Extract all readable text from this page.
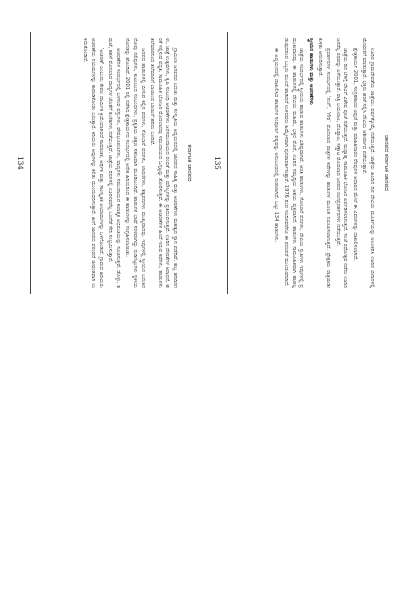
ಕರ್ನಾಟಕ ಜಾನಪದ

ಗ್ರಾಮೀಣ ಜನಪದರ ಬದುಕು ಮತ್ತು ಸಂಸ್ಕೃತಿಯ ಅಧ್ಯಯನದಲ್ಲಿ ಜಾನಪದ ಸಾಹಿತ್ಯ ಮತ್ತು ಆಚರಣೆಗಳು ಮಹತ್ವದ ಸ್ಥಾನ ಪಡೆದಿವೆ. ಹಬ್ಬ ಹರಿದಿನಗಳು, ಜಾತ್ರೆ ಉತ್ಸವಗಳು, ಕೃಷಿ ಸಂಬಂಧಿ ಆಚರಣೆಗಳು ಜನಸಮುದಾಯದ ನಂಬಿಕೆ ಮತ್ತು ಮೌಲ್ಯಗಳನ್ನು ಪ್ರತಿಬಿಂಬಿಸುತ್ತವೆ. ಊರಿನ ದೇವತೆಗಳ ಆರಾಧನೆ, ಹರಕೆ ಸಲ್ಲಿಸುವ ಪದ್ಧತಿ, ಸಾಮೂಹಿಕ ಭೋಜನ ಮೊದಲಾದವು ಸಮುದಾಯದ ಒಗ್ಗಟ್ಟನ್ನು ತೋರಿಸುತ್ತವೆ. ಈ ಆಚರಣೆಗಳ ಹಿಂದೆ ಇರುವ ಕಥೆಗಳು, ಹಾಡುಗಳು ತಲೆಮಾರಿನಿಂದ ತಲೆಮಾರಿಗೆ ಬಾಯಿಂದ ಬಾಯಿಗೆ ಹರಿದು ಬಂದಿವೆ.

ಜನಪದ ಹಾಡುಗಳಲ್ಲಿ ಬೀಸುವ ಕಲ್ಲಿನ ಪದಗಳು, ಸೋಬಾನೆ ಪದಗಳು, ಲಾವಣಿಗಳು, ತತ್ವಪದಗಳು ಮುಖ್ಯವಾದವು. ಇವುಗಳಲ್ಲಿ ಸ್ತ್ರೀಯರ ಬದುಕಿನ ನೋವು ನಲಿವುಗಳು, ಕುಟುಂಬದ ಸಂಬಂಧಗಳು, ಪ್ರಕೃತಿಯ ಚಿತ್ರಣ ಸಹಜವಾಗಿ ಮೂಡಿಬಂದಿವೆ. ಹಾಡುಗಳ ಭಾಷೆ ಸರಳವಾಗಿದ್ದು ನುಡಿಗಟ್ಟುಗಳು ಸ್ಥಳೀಯ ಸೊಗಡನ್ನು ಹೊಂದಿವೆ. 2001 ರಲ್ಲಿ ನಡೆಸಿದ ಕ್ಷೇತ್ರಕಾರ್ಯದ ಸಂದರ್ಭದಲ್ಲಿ ಅನೇಕ ಹಿರಿಯರಿಂದ ಈ ಹಾಡುಗಳನ್ನು ಸಂಗ್ರಹಿಸಲಾಯಿತು.

ಆಚರಣೆಗಳ ಸಂದರ್ಭದಲ್ಲಿ ಬಳಸುವ ವಸ್ತುಗಳು, ವೇಷಭೂಷಣಗಳು, ವಾದ್ಯಗಳು ಸಮುದಾಯದ ಕಲಾತ್ಮಕ ಅಭಿರುಚಿಯನ್ನು ಸೂಚಿಸುತ್ತವೆ. ಡೊಳ್ಳು, ತಮಟೆ, ಕಹಳೆ ಮೊದಲಾದ ವಾದ್ಯಗಳ ಜೊತೆಗೆ ಕುಣಿತಗಳು ನಡೆಯುತ್ತವೆ. ಜಾತ್ರೆಯ ದಿನಗಳಲ್ಲಿ ಊರಿನವರೆಲ್ಲ ಒಂದೆಡೆ ಸೇರಿ ಸಂಭ್ರಮಿಸುತ್ತಾರೆ.

'ಆಚರಣೆ' ಎಂಬುದು ಕೇವಲ ಧಾರ್ಮಿಕ ಕ್ರಿಯೆಯಾಗಿರದೆ ಸಾಮಾಜಿಕ, ಆರ್ಥಿಕ ಮತ್ತು ಸಾಂಸ್ಕೃತಿಕ ಆಯಾಮಗಳನ್ನು ಒಳಗೊಂಡಿದೆ. ಗ್ರಾಮದ ಹಿರಿಯರು ಆಚರಣೆಯ ನಿಯಮಗಳನ್ನು ಕಾಪಾಡಿಕೊಂಡು ಬರುತ್ತಾರೆ. ಕಿರಿಯರು ಅವುಗಳನ್ನು ಕಲಿತು ಮುಂದುವರಿಸುತ್ತಾರೆ. ಹೀಗೆ ಜಾನಪದ ಪರಂಪರೆ ಜೀವಂತವಾಗಿ ಉಳಿದುಕೊಂಡಿದೆ.

134	ಜಾನಪದ ಕರ್ನಾಟಕ ಜಾನಪದ

ಊರಿನ ಗ್ರಾಮದೇವತೆಯ ಜಾತ್ರೆಯು ವರ್ಷಕ್ಕೊಮ್ಮೆ ನಡೆಯುತ್ತದೆ. ಜಾತ್ರೆಯ ಹಿಂದಿನ ದಿನ ದೇವಿಯ ಮೂರ್ತಿಯನ್ನು ಅಲಂಕರಿಸಿ ಊರಿನ ಬೀದಿಗಳಲ್ಲಿ ಮೆರವಣಿಗೆ ಮಾಡುತ್ತಾರೆ. ಭಕ್ತರು ಹರಕೆ ಸಲ್ಲಿಸಿ ದೇವಿಯ ಆಶೀರ್ವಾದ ಪಡೆಯುತ್ತಾರೆ.

ಕ್ಷೇತ್ರಕಾರ್ಯ 2001, ಸಂಗ್ರಹಕಾರರ ಟಿಪ್ಪಣಿ ಮತ್ತು ಮಾಹಿತಿದಾರರ ನೆನಪುಗಳ ಆಧಾರದ ಮೇಲೆ ಈ ವಿವರಗಳನ್ನು ದಾಖಲಿಸಲಾಗಿದೆ.

ಜಾತ್ರೆಯ ದಿನ ಬೆಳಿಗ್ಗೆ ದೇವಿಗೆ ವಿಶೇಷ ಪೂಜೆ ನಡೆಯುತ್ತದೆ. ಮಧ್ಯಾಹ್ನ ಸಾಮೂಹಿಕ ಭೋಜನ ಏರ್ಪಡಿಸಲಾಗುತ್ತದೆ. ಸಂಜೆ ರಥೋತ್ಸವ ನಡೆದು ಊರಿನ ಜನರೆಲ್ಲ ರಥವನ್ನು ಎಳೆಯುತ್ತಾರೆ. ರಾತ್ರಿ ಬಯಲಾಟ, ದೊಡ್ಡಾಟ, ಸಣ್ಣಾಟ ಮೊದಲಾದ ಜನಪದ ರಂಗಪ್ರದರ್ಶನಗಳು ನಡೆಯುತ್ತವೆ.

ಪ್ರದರ್ಶನಗಳ ಸಂದರ್ಭದಲ್ಲಿ 'ಗಂಗೆ', 'ಗೌರಿ' ಮೊದಲಾದ ಪಾತ್ರಗಳ ಕಥೆಗಳನ್ನು ಹಾಡುಗಳ ಮೂಲಕ ನಿರೂಪಿಸಲಾಗುತ್ತದೆ. ಪ್ರೇಕ್ಷಕರು ರಾತ್ರಿಯಿಡೀ ಕುಳಿತು ಆನಂದಿಸುತ್ತಾರೆ.

ಸ್ತ್ರೀಯರ ಹಾಡುಗಳು ಮತ್ತು ಆಚರಣೆಗಳು

ಜಾತ್ರೆಯ ಸಂದರ್ಭದಲ್ಲಿ ಸ್ತ್ರೀಯರು ಹಾಡುವ ಹಾಡುಗಳು ವಿಶಿಷ್ಟವಾಗಿವೆ. ಆರತಿ ಹಾಡುಗಳು, ಸೋಬಾನೆ ಪದಗಳು, ದೇವಿಯ ಸ್ತುತಿಗಳು ಇವುಗಳಲ್ಲಿ ಪ್ರಮುಖವಾದವು. ಈ ಹಾಡುಗಳಲ್ಲಿ ದೇವಿಯ ಮಹಿಮೆ, ಭಕ್ತರ ಮೊರೆ, ಊರಿನ ಸಮೃದ್ಧಿಯ ಆಶಯ ವ್ಯಕ್ತವಾಗಿದೆ. ಹಾಡುಗಳು ಸಾಮೂಹಿಕವಾಗಿ ಹಾಡಲ್ಪಡುವುದರಿಂದ ಒಬ್ಬರು ಮುಂದೆ ಹಾಡಿದರೆ ಉಳಿದವರು ಹಿಮ್ಮೇಳವಾಗಿ ಪುನರಾವರ್ತಿಸುತ್ತಾರೆ. 1976 ರಿಂದ ಇಂದಿನವರೆಗೂ ಈ ಪರಂಪರೆ ಮುಂದುವರಿದಿದೆ.

ಈ ಅಧ್ಯಯನದಲ್ಲಿ ದಾಖಲಿಸಿದ ಹಾಡುಗಳ ಸಂಪೂರ್ಣ ಪಠ್ಯವನ್ನು ಅನುಬಂಧದಲ್ಲಿ ನೀಡಲಾಗಿದೆ. ಒಟ್ಟು 134 ಹಾಡುಗಳು.

135
